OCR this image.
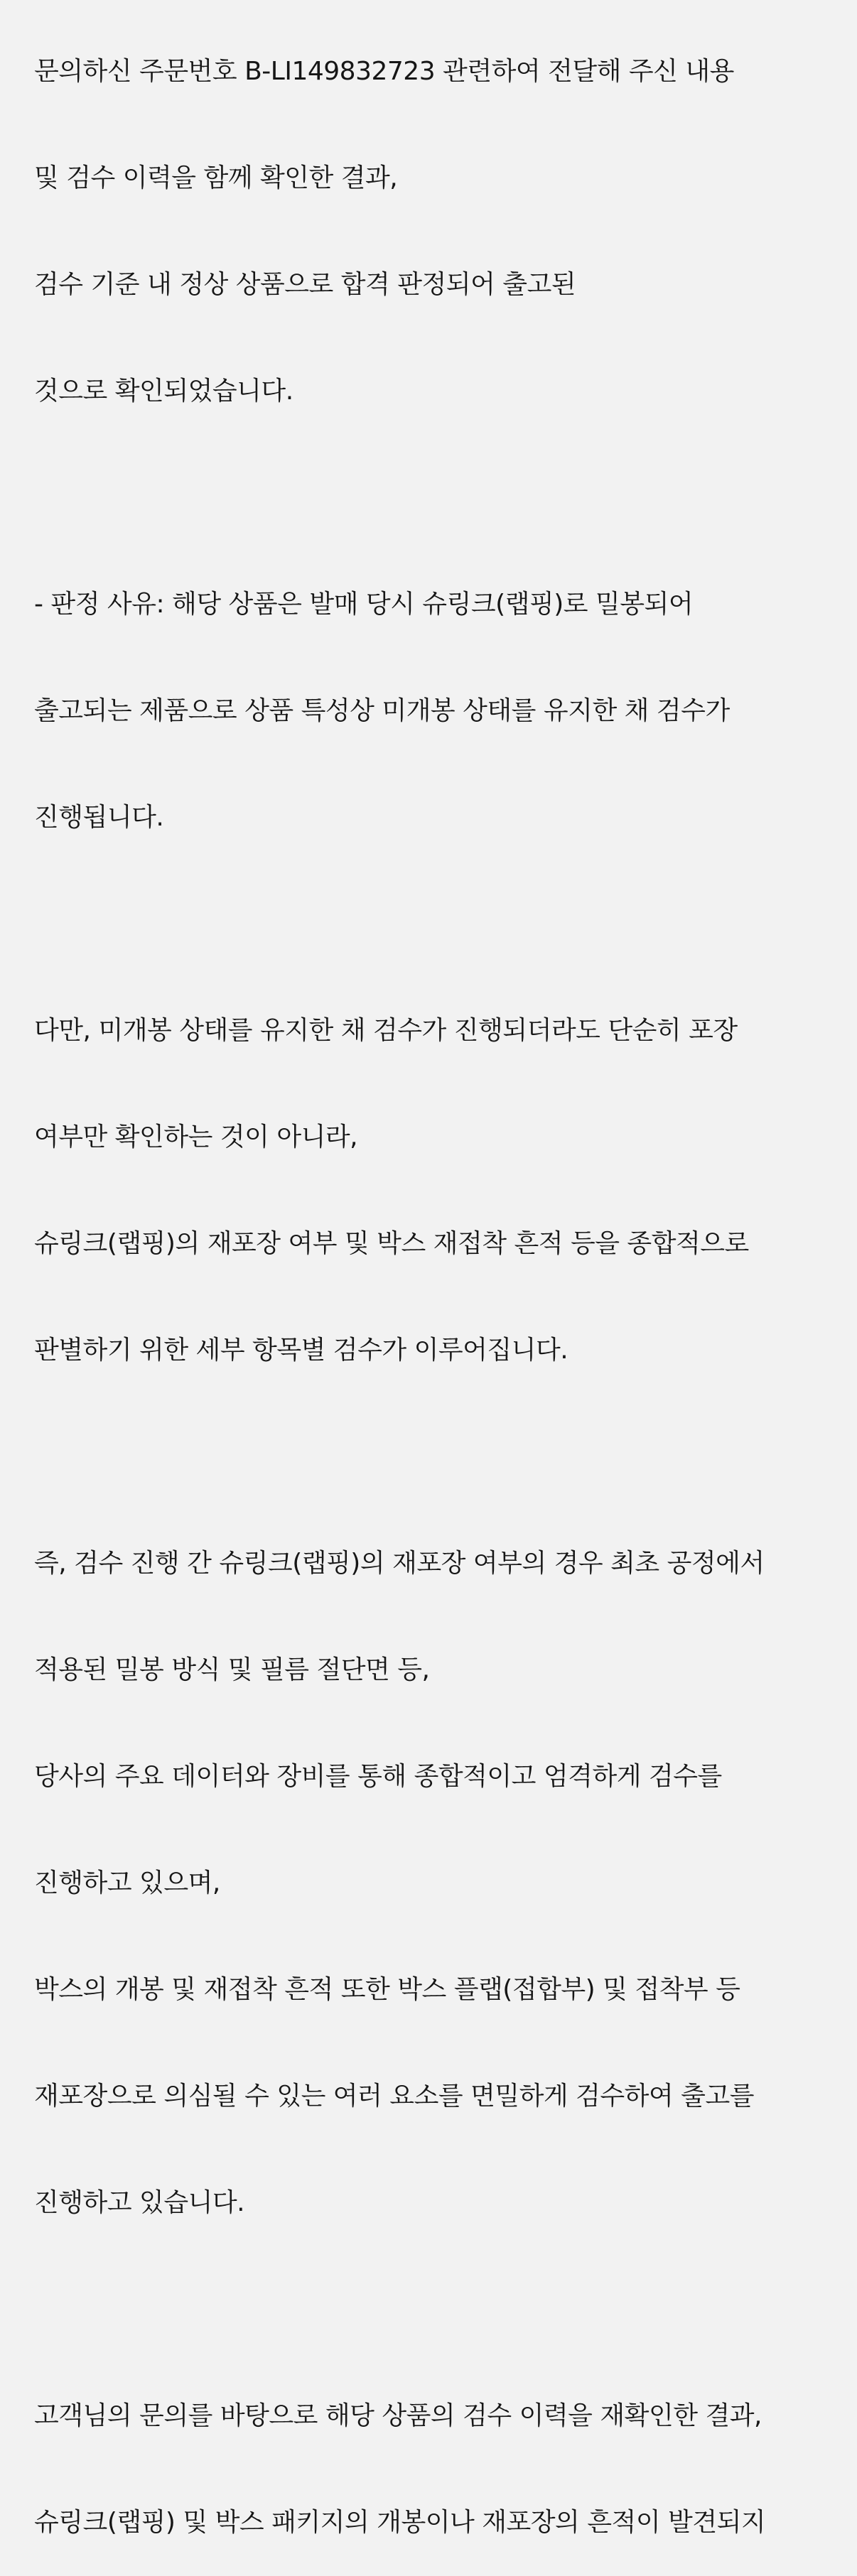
문의하신 주문번호 B-LI149832723 관련하여 전달해 주신 내용

및 검수 이력을 함께 확인한 결과,

검수 기준 내 정상 상품으로 합격 판정되어 출고된

것으로 확인되었습니다.

- 판정 사유: 해당 상품은 발매 당시 슈링크(랩핑)로 밀봉되어

출고되는 제품으로 상품 특성상 미개봉 상태를 유지한 채 검수가

진행됩니다.

다만, 미개봉 상태를 유지한 채 검수가 진행되더라도 단순히 포장

여부만 확인하는 것이 아니라,

슈링크(랩핑)의 재포장 여부 및 박스 재접착 흔적 등을 종합적으로

판별하기 위한 세부 항목별 검수가 이루어집니다.

즉, 검수 진행 간 슈링크(랩핑)의 재포장 여부의 경우 최초 공정에서

적용된 밀봉 방식 및 필름 절단면 등,

당사의 주요 데이터와 장비를 통해 종합적이고 엄격하게 검수를

진행하고 있으며,

박스의 개봉 및 재접착 흔적 또한 박스 플랩(접합부) 및 접착부 등

재포장으로 의심될 수 있는 여러 요소를 면밀하게 검수하여 출고를

진행하고 있습니다.

고객님의 문의를 바탕으로 해당 상품의 검수 이력을 재확인한 결과,

슈링크(랩핑) 및 박스 패키지의 개봉이나 재포장의 흔적이 발견되지
